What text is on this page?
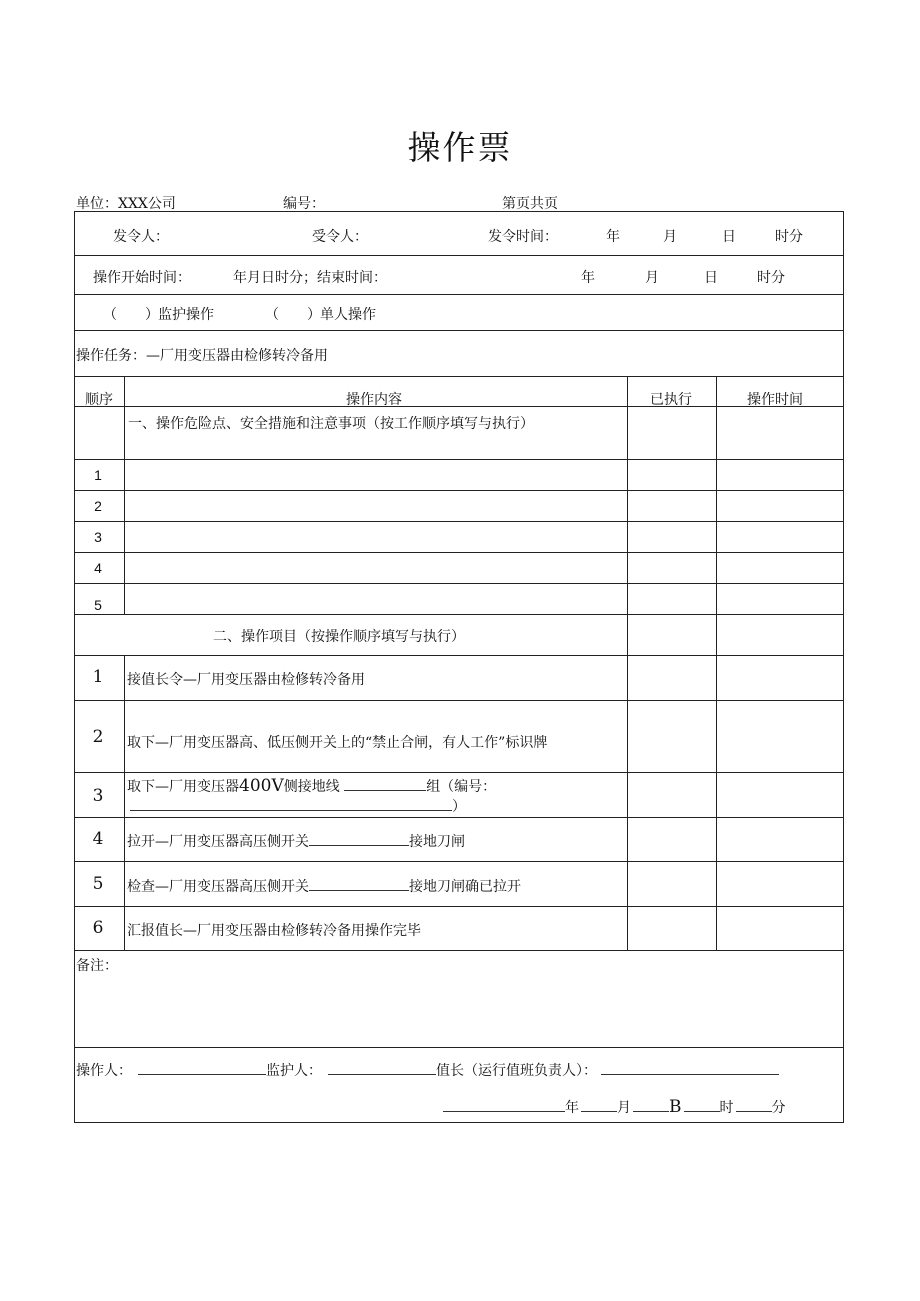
操作票
单位：XXX公司	编号：	第页共页
发令人：	受令人：	发令时间：	年	月	日	时分
操作开始时间：	年月日时分；结束时间：	年	月	日	时分
（　　） 监护操作	（　　） 单人操作
操作任务：—厂用变压器由检修转冷备用
顺序	操作内容	已执行	操作时间
一、操作危险点、安全措施和注意事项（按工作顺序填写与执行）
1
2
3
4
5
二、操作项目（按操作顺序填写与执行）
1	接值长令—厂用变压器由检修转冷备用
2	取下—厂用变压器高、低压侧开关上的“禁止合闸，有人工作”标识牌
3	取下—厂用变压器400V侧接地线	组（编号：
）
4	拉开—厂用变压器高压侧开关	接地刀闸
5	检查—厂用变压器高压侧开关	接地刀闸确已拉开
6	汇报值长—厂用变压器由检修转冷备用操作完毕
备注：
操作人：	监护人：	值长（运行值班负责人）：
年	月 B	时	分
